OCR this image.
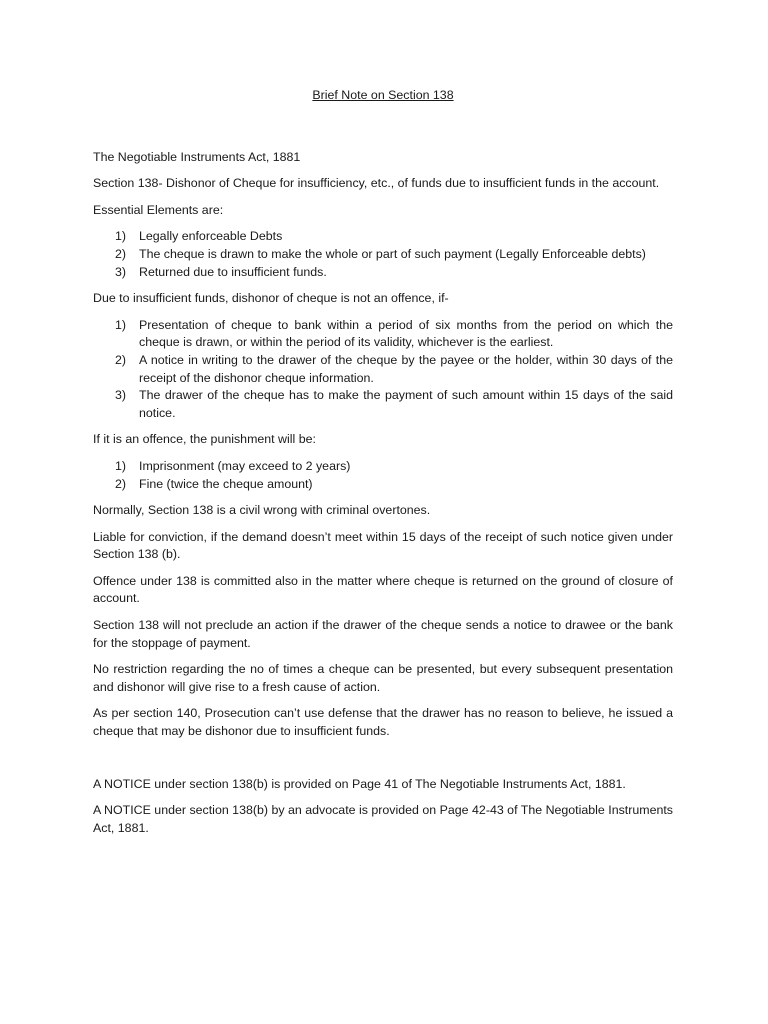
Brief Note on Section 138

The Negotiable Instruments Act, 1881

Section 138- Dishonor of Cheque for insufficiency, etc., of funds due to insufficient funds in the account.

Essential Elements are:

1) Legally enforceable Debts
2) The cheque is drawn to make the whole or part of such payment (Legally Enforceable debts)
3) Returned due to insufficient funds.

Due to insufficient funds, dishonor of cheque is not an offence, if-

1) Presentation of cheque to bank within a period of six months from the period on which the cheque is drawn, or within the period of its validity, whichever is the earliest.
2) A notice in writing to the drawer of the cheque by the payee or the holder, within 30 days of the receipt of the dishonor cheque information.
3) The drawer of the cheque has to make the payment of such amount within 15 days of the said notice.

If it is an offence, the punishment will be:

1) Imprisonment (may exceed to 2 years)
2) Fine (twice the cheque amount)

Normally, Section 138 is a civil wrong with criminal overtones.

Liable for conviction, if the demand doesn’t meet within 15 days of the receipt of such notice given under Section 138 (b).

Offence under 138 is committed also in the matter where cheque is returned on the ground of closure of account.

Section 138 will not preclude an action if the drawer of the cheque sends a notice to drawee or the bank for the stoppage of payment.

No restriction regarding the no of times a cheque can be presented, but every subsequent presentation and dishonor will give rise to a fresh cause of action.

As per section 140, Prosecution can’t use defense that the drawer has no reason to believe, he issued a cheque that may be dishonor due to insufficient funds.

A NOTICE under section 138(b) is provided on Page 41 of The Negotiable Instruments Act, 1881.

A NOTICE under section 138(b) by an advocate is provided on Page 42-43 of The Negotiable Instruments Act, 1881.
